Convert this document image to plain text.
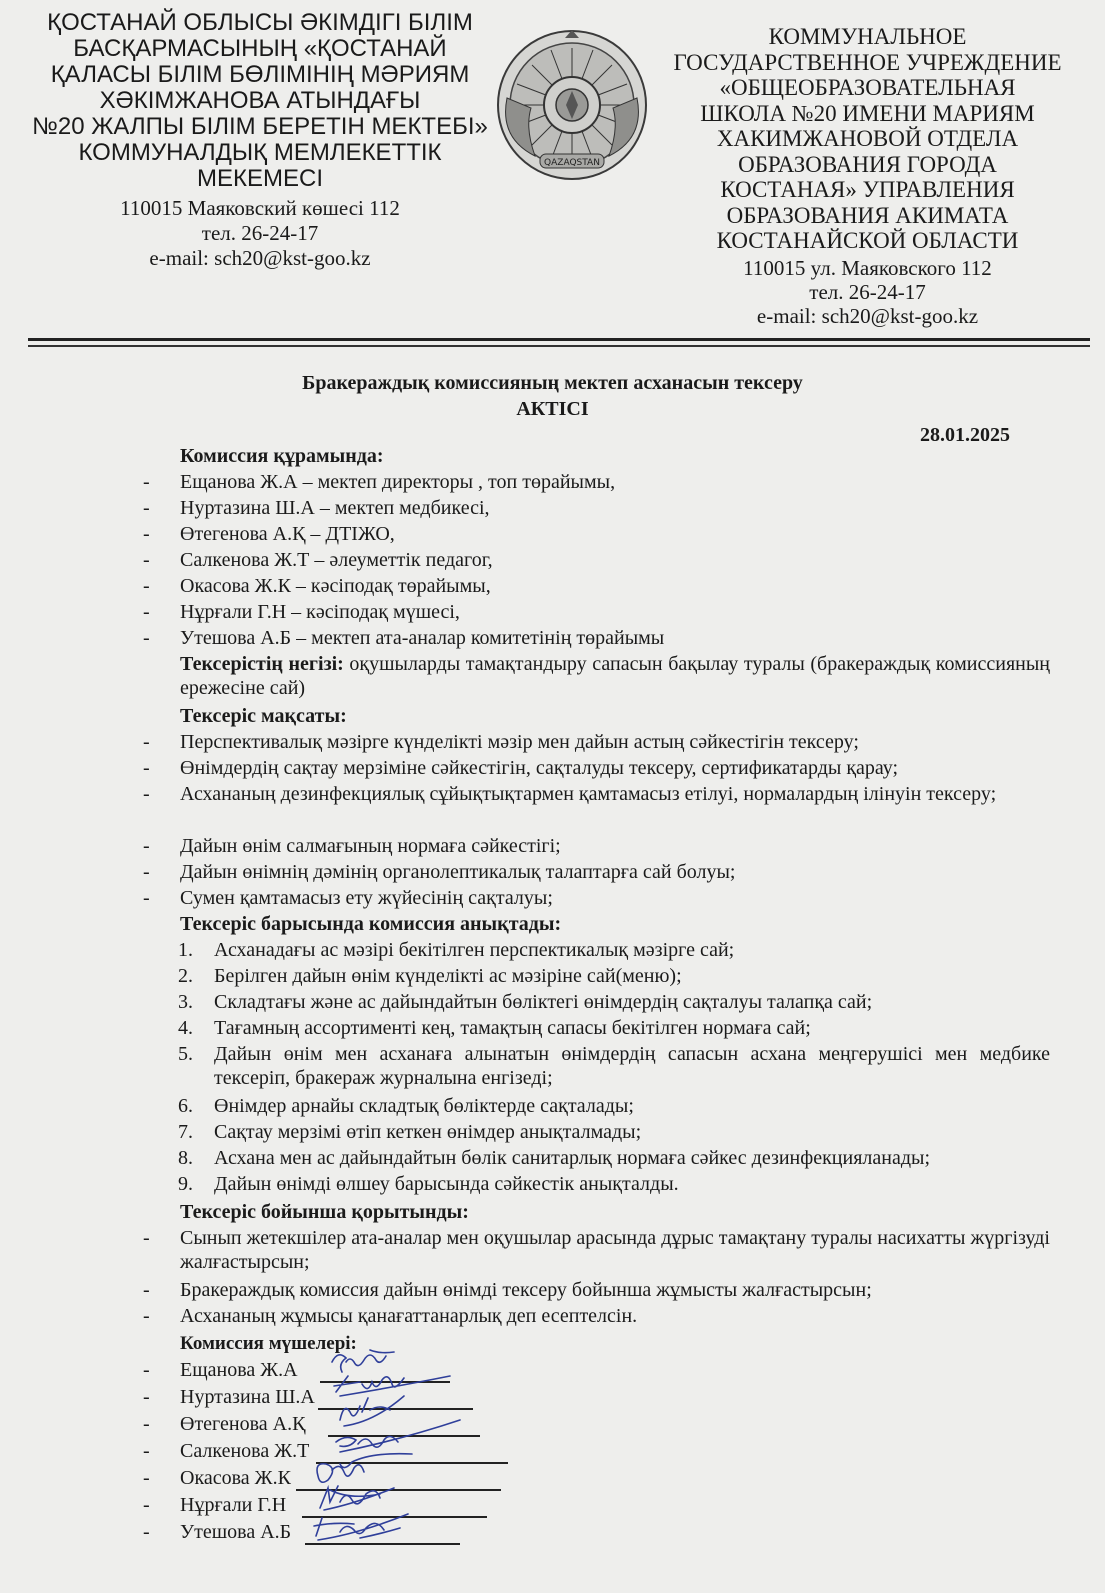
ҚОСТАНАЙ ОБЛЫСЫ ӘКІМДІГІ БІЛІМ
БАСҚАРМАСЫНЫҢ «ҚОСТАНАЙ
ҚАЛАСЫ БІЛІМ БӨЛІМІНІҢ МӘРИЯМ
ХӘКІМЖАНОВА АТЫНДАҒЫ
№20 ЖАЛПЫ БІЛІМ БЕРЕТІН МЕКТЕБІ»
КОММУНАЛДЫҚ МЕМЛЕКЕТТІК
МЕКЕМЕСІ
110015 Маяковский көшесі 112
тел. 26-24-17
e-mail: sch20@kst-goo.kz
QAZAQSTAN
КОММУНАЛЬНОЕ
ГОСУДАРСТВЕННОЕ УЧРЕЖДЕНИЕ
«ОБЩЕОБРАЗОВАТЕЛЬНАЯ
ШКОЛА №20 ИМЕНИ МАРИЯМ
ХАКИМЖАНОВОЙ ОТДЕЛА
ОБРАЗОВАНИЯ ГОРОДА
КОСТАНАЯ» УПРАВЛЕНИЯ
ОБРАЗОВАНИЯ АКИМАТА
КОСТАНАЙСКОЙ ОБЛАСТИ
110015 ул. Маяковского 112
тел. 26-24-17
e-mail: sch20@kst-goo.kz
Бракераждық комиссияның мектеп асханасын тексеру
АКТІСІ
28.01.2025
Комиссия құрамында:
- Ещанова Ж.А – мектеп директоры , топ төрайымы,
- Нуртазина Ш.А – мектеп медбикесі,
- Өтегенова А.Қ – ДТІЖО,
- Салкенова Ж.Т – әлеуметтік педагог,
- Окасова Ж.К – кәсіподақ төрайымы,
- Нұрғали Г.Н – кәсіподақ мүшесі,
- Утешова А.Б – мектеп ата-аналар комитетінің төрайымы
Тексерістің негізі: оқушыларды тамақтандыру сапасын бақылау туралы (бракераждық комиссияның ережесіне сай)
Тексеріс мақсаты:
- Перспективалық мәзірге күнделікті мәзір мен дайын астың сәйкестігін тексеру;
- Өнімдердің сақтау мерзіміне сәйкестігін, сақталуды тексеру, сертификатарды қарау;
- Асхананың дезинфекциялық сұйықтықтармен қамтамасыз етілуі, нормалардың ілінуін тексеру;
- Дайын өнім салмағының нормаға сәйкестігі;
- Дайын өнімнің дәмінің органолептикалық талаптарға сай болуы;
- Сумен қамтамасыз ету жүйесінің сақталуы;
Тексеріс барысында комиссия анықтады:
1. Асханадағы ас мәзірі бекітілген перспектикалық мәзірге сай;
2. Берілген дайын өнім күнделікті ас мәзіріне сай(меню);
3. Складтағы және ас дайындайтын бөліктегі өнімдердің сақталуы талапқа сай;
4. Тағамның ассортименті кең, тамақтың сапасы бекітілген нормаға сай;
5. Дайын өнім мен асханаға алынатын өнімдердің сапасын асхана меңгерушісі мен медбике тексеріп, бракераж журналына енгізеді;
6. Өнімдер арнайы складтық бөліктерде сақталады;
7. Сақтау мерзімі өтіп кеткен өнімдер анықталмады;
8. Асхана мен ас дайындайтын бөлік санитарлық нормаға сәйкес дезинфекцияланады;
9. Дайын өнімді өлшеу барысында сәйкестік анықталды.
Тексеріс бойынша қорытынды:
- Сынып жетекшілер ата-аналар мен оқушылар арасында дұрыс тамақтану туралы насихатты жүргізуді жалғастырсын;
- Бракераждық комиссия дайын өнімді тексеру бойынша жұмысты жалғастырсын;
- Асхананың жұмысы қанағаттанарлық деп есептелсін.
Комиссия мүшелері:
- Ещанова Ж.А
- Нуртазина Ш.А
- Өтегенова А.Қ
- Салкенова Ж.Т
- Окасова Ж.К
- Нұрғали Г.Н
- Утешова А.Б
